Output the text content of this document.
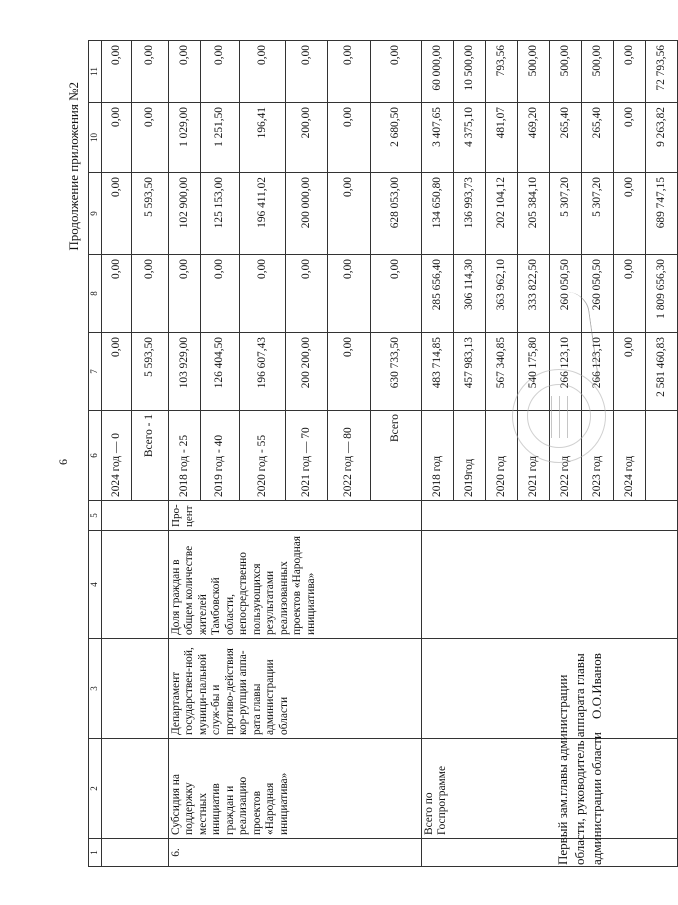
6
Продолжение приложения №2
1	2	3	4	5	6	7	8	9	10	11
					2024 год — 0	0,00	0,00	0,00	0,00	0,00
					Всего - 1	5 593,50	0,00	5 593,50	0,00	0,00
6.	Субсидия на поддержку местных инициатив граждан и реализацию проектов «Народная инициатива»	Департамент государствен-ной, муници-пальной служ-бы и противо-действия кор-рупции аппа-рата главы администрации области	Доля граждан в общем количестве жителей Тамбовской области, непосредственно пользующихся результатами реализованных проектов «Народная инициатива»	Про-цент	2018 год - 25	103 929,00	0,00	102 900,00	1 029,00	0,00
					2019 год - 40	126 404,50	0,00	125 153,00	1 251,50	0,00
					2020 год - 55	196 607,43	0,00	196 411,02	196,41	0,00
					2021 год — 70	200 200,00	0,00	200 000,00	200,00	0,00
					2022 год — 80	0,00	0,00	0,00	0,00	0,00
					Всего	630 733,50	0,00	628 053,00	2 680,50	0,00
	Всего по Госпрограмме				2018 год	483 714,85	285 656,40	134 650,80	3 407,65	60 000,00
					2019год	457 983,13	306 114,30	136 993,73	4 375,10	10 500,00
					2020 год	567 340,85	363 962,10	202 104,12	481,07	793,56
					2021 год	540 175,80	333 822,50	205 384,10	469,20	500,00
					2022 год	266 123,10	260 050,50	5 307,20	265,40	500,00
					2023 год	266 123,10	260 050,50	5 307,20	265,40	500,00
					2024 год	0,00	0,00	0,00	0,00	0,00
						2 581 460,83	1 809 656,30	689 747,15	9 263,82	72 793,56
Первый зам.главы администрации области, руководитель аппарата главы администрации области    О.О.Иванов
